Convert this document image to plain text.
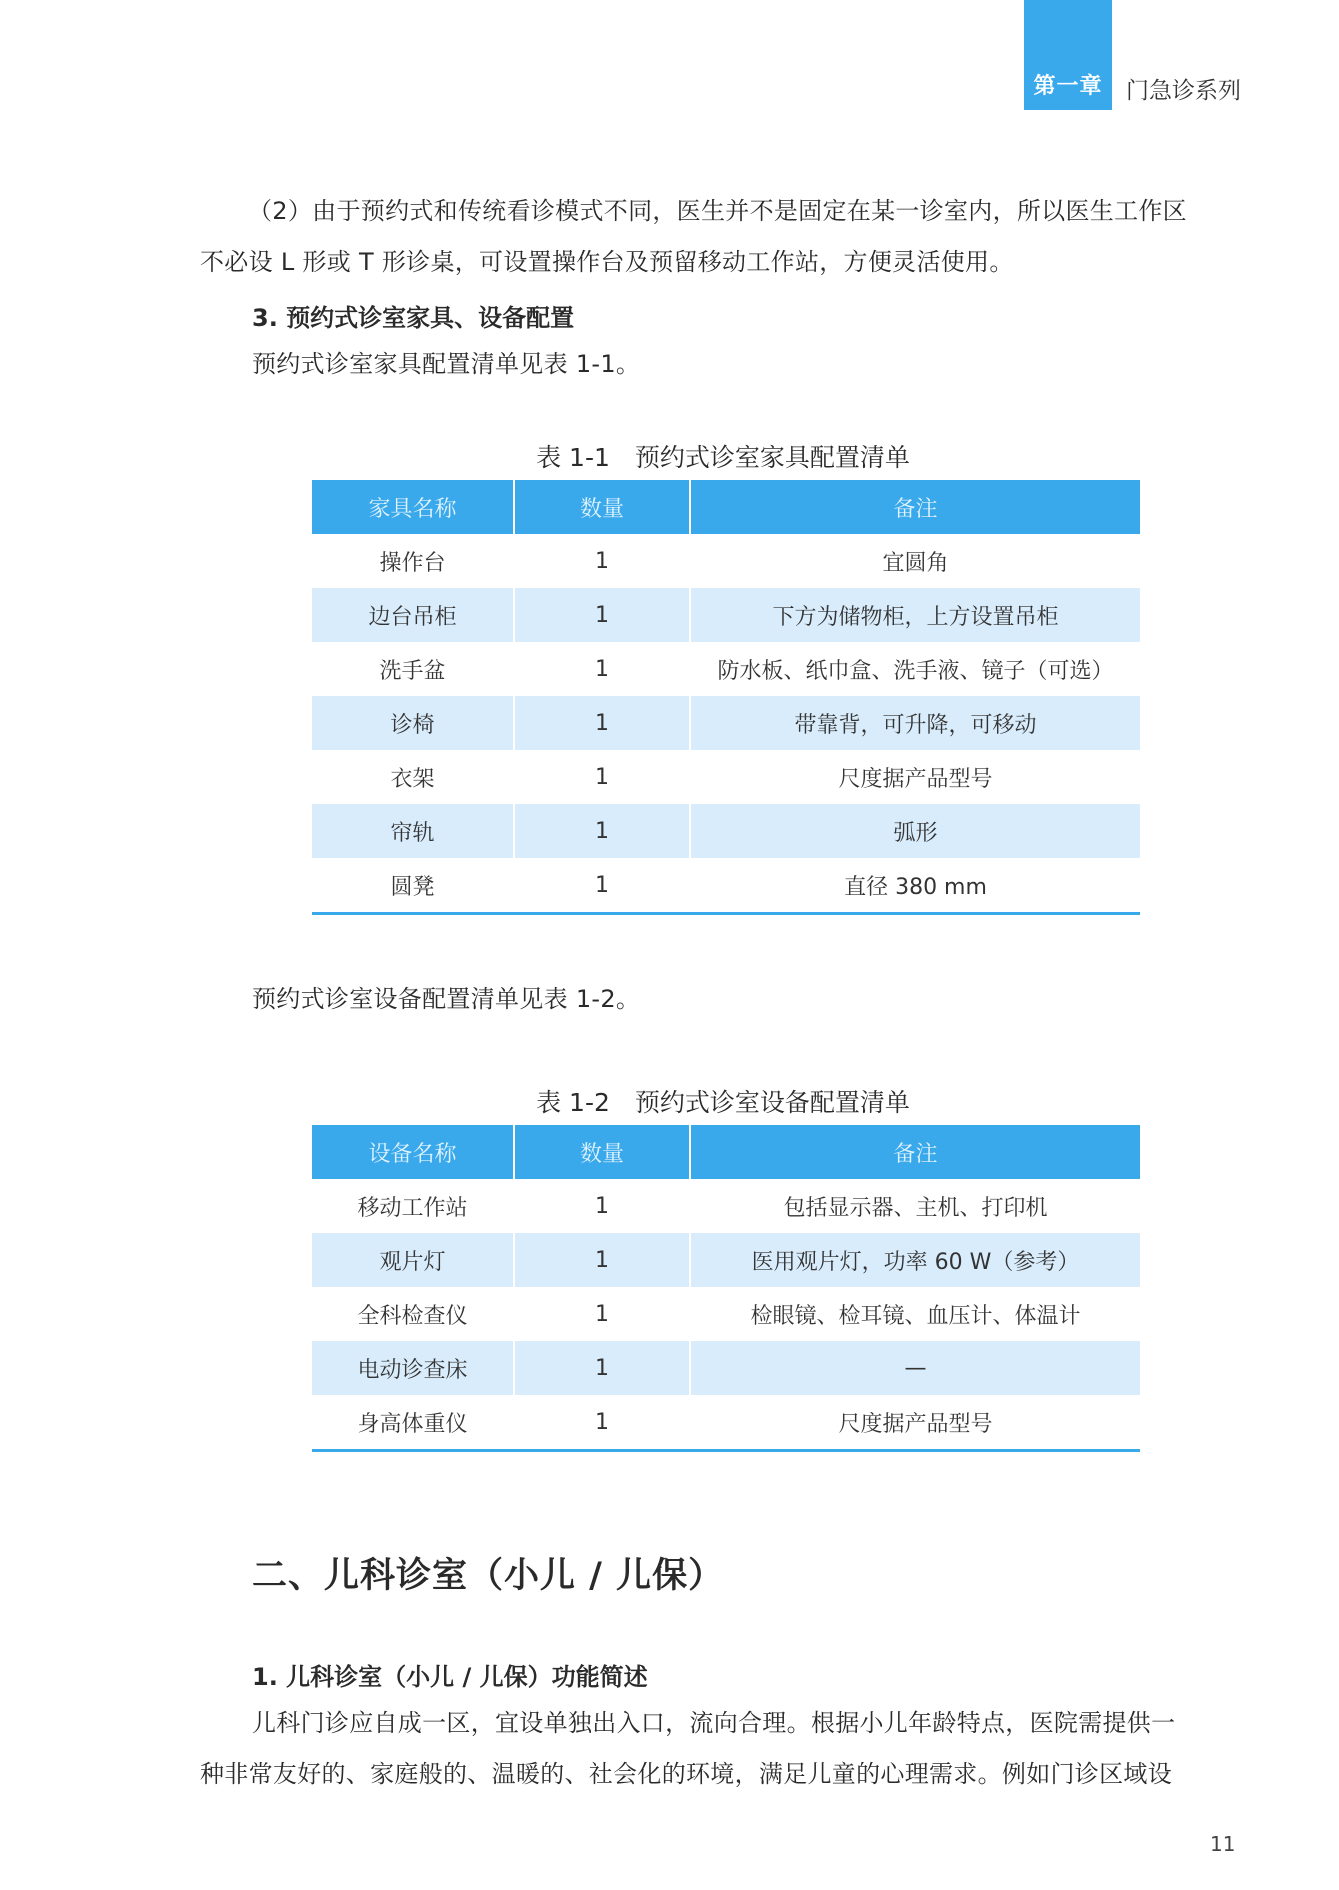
第一章	门急诊系列

（2）由于预约式和传统看诊模式不同，医生并不是固定在某一诊室内，所以医生工作区
不必设 L 形或 T 形诊桌，可设置操作台及预留移动工作站，方便灵活使用。

3. 预约式诊室家具、设备配置

预约式诊室家具配置清单见表 1-1。

表 1-1　预约式诊室家具配置清单

家具名称	数量	备注
操作台	1	宜圆角
边台吊柜	1	下方为储物柜，上方设置吊柜
洗手盆	1	防水板、纸巾盒、洗手液、镜子（可选）
诊椅	1	带靠背，可升降，可移动
衣架	1	尺度据产品型号
帘轨	1	弧形
圆凳	1	直径 380 mm

预约式诊室设备配置清单见表 1-2。

表 1-2　预约式诊室设备配置清单

设备名称	数量	备注
移动工作站	1	包括显示器、主机、打印机
观片灯	1	医用观片灯，功率 60 W（参考）
全科检查仪	1	检眼镜、检耳镜、血压计、体温计
电动诊查床	1	—
身高体重仪	1	尺度据产品型号
二、儿科诊室（小儿 / 儿保）
1. 儿科诊室（小儿 / 儿保）功能简述

儿科门诊应自成一区，宜设单独出入口，流向合理。根据小儿年龄特点，医院需提供一
种非常友好的、家庭般的、温暖的、社会化的环境，满足儿童的心理需求。例如门诊区域设

11
